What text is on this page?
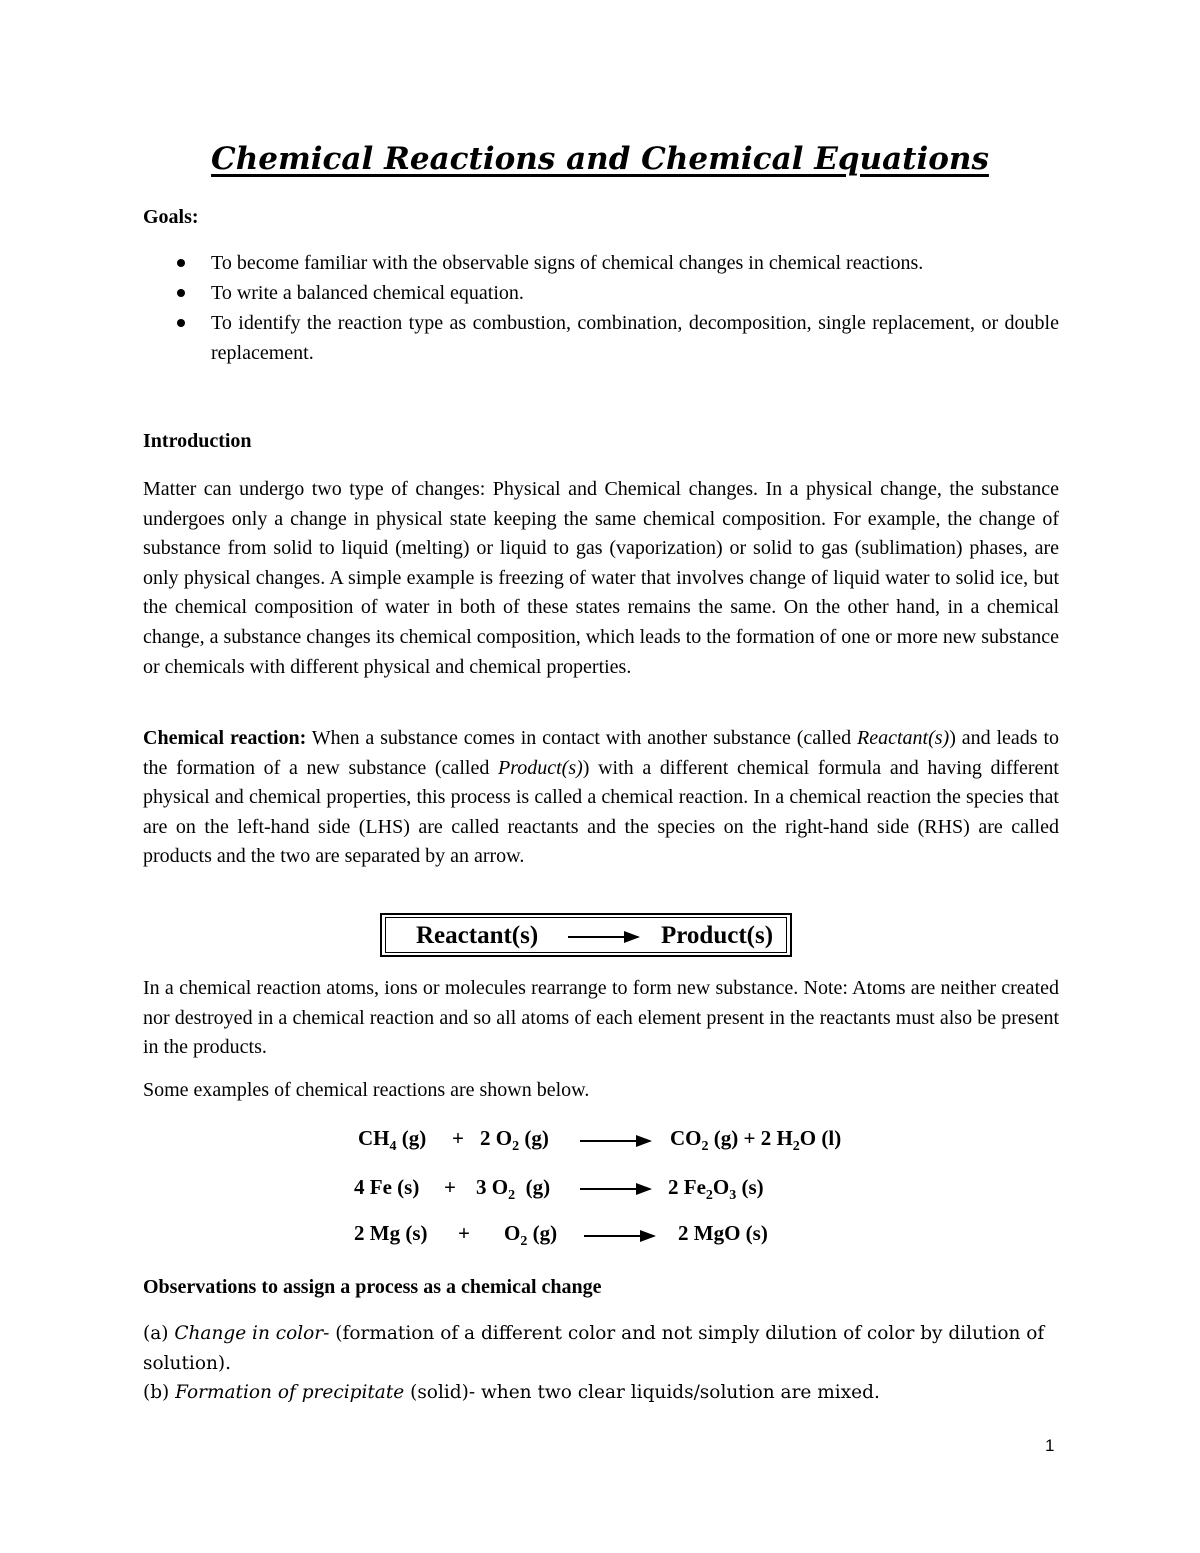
Chemical Reactions and Chemical Equations
Goals:
To become familiar with the observable signs of chemical changes in chemical reactions.
To write a balanced chemical equation.
To identify the reaction type as combustion, combination, decomposition, single replacement, or double replacement.
Introduction
Matter can undergo two type of changes: Physical and Chemical changes. In a physical change, the substance undergoes only a change in physical state keeping the same chemical composition. For example, the change of substance from solid to liquid (melting) or liquid to gas (vaporization) or solid to gas (sublimation) phases, are only physical changes. A simple example is freezing of water that involves change of liquid water to solid ice, but the chemical composition of water in both of these states remains the same. On the other hand, in a chemical change, a substance changes its chemical composition, which leads to the formation of one or more new substance or chemicals with different physical and chemical properties.
Chemical reaction: When a substance comes in contact with another substance (called Reactant(s)) and leads to the formation of a new substance (called Product(s)) with a different chemical formula and having different physical and chemical properties, this process is called a chemical reaction. In a chemical reaction the species that are on the left-hand side (LHS) are called reactants and the species on the right-hand side (RHS) are called products and the two are separated by an arrow.
Reactant(s) → Product(s)
In a chemical reaction atoms, ions or molecules rearrange to form new substance. Note: Atoms are neither created nor destroyed in a chemical reaction and so all atoms of each element present in the reactants must also be present in the products.
Some examples of chemical reactions are shown below.
$CH_4$ (g) + 2 $O_2$ (g)	$CO_2$ (g) + 2 $H_2O$ (l)
4 Fe (s) + 3 $O_2$  (g)	2 $Fe_2O_3$ (s)
2 Mg $(s) + O_2$ (g)	2 MgO (s)
Observations to assign a process as a chemical change
(a) Change in color- (formation of a different color and not simply dilution of color by dilution of solution).
(b) Formation of precipitate (solid)- when two clear liquids/solution are mixed.
1
